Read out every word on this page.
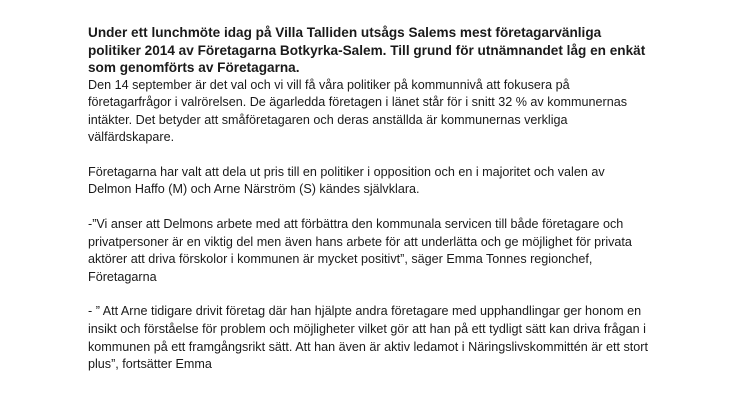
Under ett lunchmöte idag på Villa Talliden utsågs Salems mest företagarvänliga politiker 2014 av Företagarna Botkyrka-Salem. Till grund för utnämnandet låg en enkät som genomförts av Företagarna.

Den 14 september är det val och vi vill få våra politiker på kommunnivå att fokusera på företagarfrågor i valrörelsen. De ägarledda företagen i länet står för i snitt 32 % av kommunernas intäkter. Det betyder att småföretagaren och deras anställda är kommunernas verkliga välfärdskapare.

Företagarna har valt att dela ut pris till en politiker i opposition och en i majoritet och valen av Delmon Haffo (M) och Arne Närström (S) kändes självklara.

-”Vi anser att Delmons arbete med att förbättra den kommunala servicen till både företagare och privatpersoner är en viktig del men även hans arbete för att underlätta och ge möjlighet för privata aktörer att driva förskolor i kommunen är mycket positivt”, säger Emma Tonnes regionchef, Företagarna

- ” Att Arne tidigare drivit företag där han hjälpte andra företagare med upphandlingar ger honom en insikt och förståelse för problem och möjligheter vilket gör att han på ett tydligt sätt kan driva frågan i kommunen på ett framgångsrikt sätt. Att han även är aktiv ledamot i Näringslivskommittén är ett stort plus”, fortsätter Emma
